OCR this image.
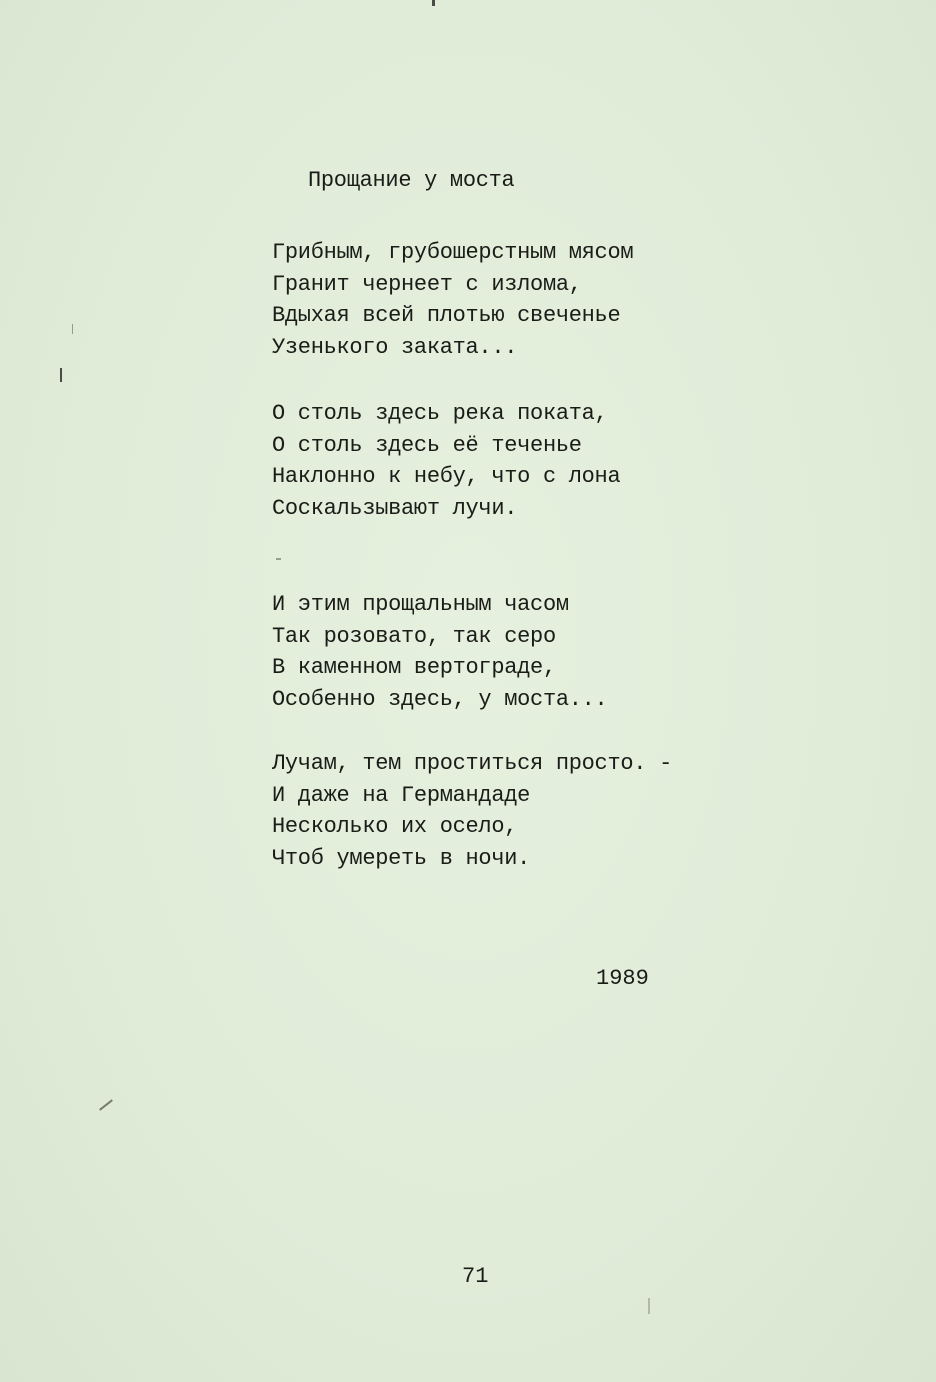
Прощание у моста
Грибным, грубошерстным мясом
Гранит чернеет с излома,
Вдыхая всей плотью свеченье
Узенького заката...
О столь здесь река поката,
О столь здесь её теченье
Наклонно к небу, что с лона
Соскальзывают лучи.
И этим прощальным часом
Так розовато, так серо
В каменном вертограде,
Особенно здесь, у моста...
Лучам, тем проститься просто. -
И даже на Германдаде
Несколько их осело,
Чтоб умереть в ночи.
1989
71
